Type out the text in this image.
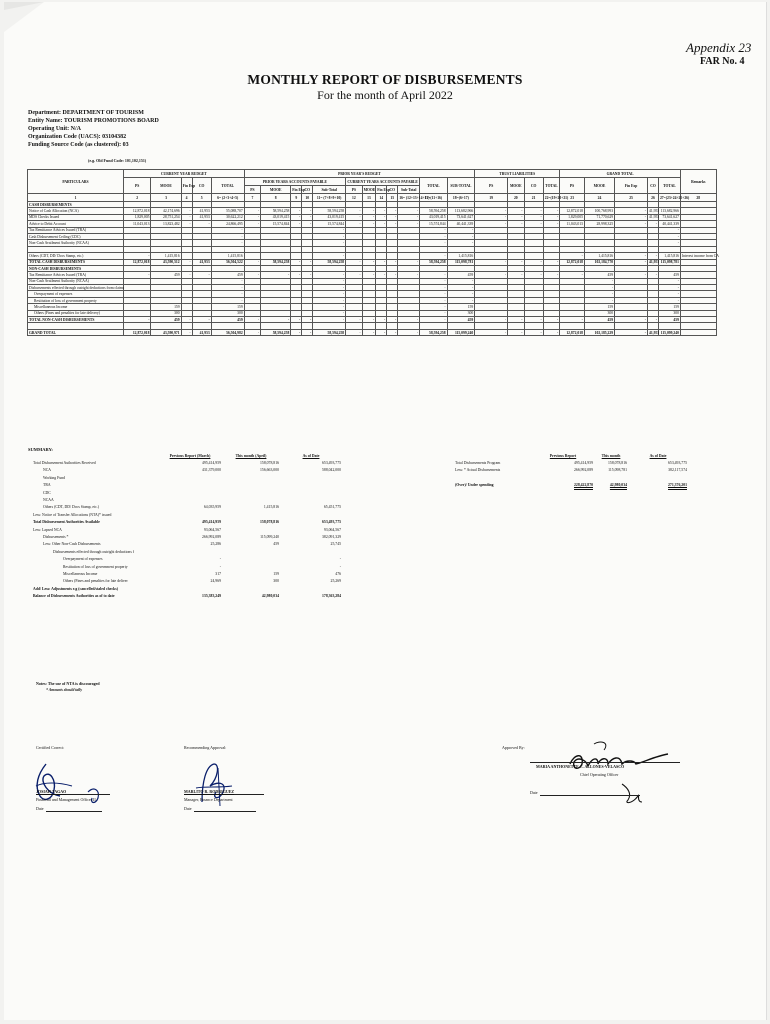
Appendix 23
FAR No. 4
MONTHLY REPORT OF DISBURSEMENTS
For the month of April 2022
Department: DEPARTMENT OF TOURISM
Entity Name: TOURISM PROMOTIONS BOARD
Operating Unit: N/A
Organization Code (UACS): 03104382
Funding Source Code (as clustered): 03
(e.g. Old Fund Code: 101,102,151)
PARTICULARS	CURRENT YEAR BUDGET					PRIOR YEAR'S BUDGET												TRUST LIABILITIES				GRAND TOTAL					Remarks
	PS	MOOE	Fin Exp	CO	TOTAL	PRIOR YEARS ACCOUNTS PAYABLE					CURRENT YEARS ACCOUNTS PAYABLE					TOTAL	SUB-TOTAL	PS	MOOE	CO	TOTAL	PS	MOOE	Fin Exp	CO	TOTAL	
						PS	MOOE	Fin Exp	CO	Sub-Total	PS	MOOE	Fin Exp	CO	Sub-Total												
1	2	3	4	5	6= (2+3+4+5)	7	8	9	10	11= (7+8+9+10)	12	13	14	15	16= (12+13+14+15)	17=(11+16)	18=(6+17)	19	20	21	22=(19+20+21)	23	24	25	26	27=(23+24+25+26)	28
CASH DISBURSEMENTS																											
Notice of Cash Allocation (NCA)	12,872,018	42,174,696	-	41,953	55,088,707	-	58,594,258	-	-	58,594,258	-	-	-	-	-	58,594,258	113,682,966	-	-	-	-	12,872,018	100,768,993	-	41,953	113,682,966	
MDS Checks Issued	1,829,005	28,751,254	-	41,953	30,622,212	-	43,019,415	-	-	43,019,415	-	-	-	-	-	43,019,415	73,641,627	-	-	-	-	1,829,005	71,770,629	-	41,953	73,641,627	
Advice to Debit Account	11,043,013	13,823,482	-	-	24,866,495	-	15,574,844	-	-	15,574,844	-	-	-	-	-	15,574,844	40,441,339	-	-	-	-	11,043,013	28,998,325	-	-	40,441,339	
Tax Remittance Advices Issued (TRA)					-					-						-	-									-	
Cash Disbursement Ceiling (CDC)					-					-						-	-									-	
Non-Cash Availment Authority (NCAA)					-					-						-	-									-	

Others (CDT, DD/ Docs Stamp, etc.)	-	1,415,816			1,415,816					-						-	1,415,816					-	1,415,816	-	-	1,415,816	Interest income from CA
TOTAL CASH DISBURSEMENTS	12,872,018	43,590,512	-	41,953	56,504,522	-	58,594,258	-	-	58,594,258	-	-	-	-	-	58,594,258	115,098,781	-	-	-	-	12,872,018	102,184,770	-	41,953	115,098,781	
NON-CASH DISBURSEMENTS																											
Tax Remittance Advices Issued (TRA)	-	459	-	-	459	-	-	-	-	-	-	-	-	-	-	-	459	-	-	-	-	-	459	-	-	459	
Non-Cash Availment Authority (NCAA)					-					-						-	-						-			-	
Disbursements effected through outright deductions from claims					-					-						-	-						-			-	
Overpayment of expenses					-					-						-	-						-			-	
Restitution of loss of government property					-					-						-	-						-			-	
Miscellaneous Income		159			159					-						-	159						159			159	
Others (Fines and penalties for late delivery)		300			300					-						-	300						300			300	
TOTAL NON-CASH DISBURSEMENTS	-	459	-	-	459	-	-	-	-	-	-	-	-	-	-	-	459	-	-	-	-	-	459	-	-	459	

GRAND TOTAL	12,872,018	43,590,971	-	41,953	56,504,982	-	58,594,258	-	-	58,594,258	-	-	-	-	-	58,594,258	115,099,240	-	-	-	-	12,872,018	102,185,229	-	41,953	115,099,240	
SUMMARY:
	Previous Report (March)	This month (April)	As of Date
Total Disbursement Authorities Received	495,414,959	158,078,816	653,493,775
NCA	431,379,000	156,663,000	588,042,000
Working Fund			
TRA			
CDC			
NCAA			
Others (CDT, DD/ Docs Stamp, etc.)	64,035,959	1,415,816	65,451,775
Less: Notice of Transfer Allocations (NTA)* issued			
Total Disbursement Authorities Available	495,414,959	158,078,816	653,493,775
Less: Lapsed NCA	93,064,567		93,064,567
Disbursements *	266,992,089	115,099,240	382,091,329
Less: Other Non-Cash Disbursements	25,286	459	25,745
Disbursements effected through outright deductions f			
Overpayment of expenses	-		-
Restitution of loss of government property	-		-
Miscellaneous Income	317	159	476
Others (Fines and penalties for late deliver	24,969	300	25,269
Add/ Less: Adjustments e.g (cancelled/staled checks)			
Balance of Disbursements Authorities as of to date	135,383,249	42,980,034	178,363,284
	Previous Report	This month	As of Date
Total Disbursements Program	495,414,959	158,078,816	653,493,775
Less: * Actual Disbursements	266,992,089	115,098,781	382,117,574

(Over)/ Under spending	228,422,870	42,980,034	271,376,201
Notes: The use of NTA is discouraged
* Amounts should tally
Certified Correct:	Recommending Approval:	Approved By:
JOSIAH TAGAO
Financial and Management Officer II
Date
MARLITO R. RODRIGUEZ
Manager, Finance Department
Date
MARIA ANTHONETTE C. ALLONES-VELASCO
Chief Operating Officer
Date
